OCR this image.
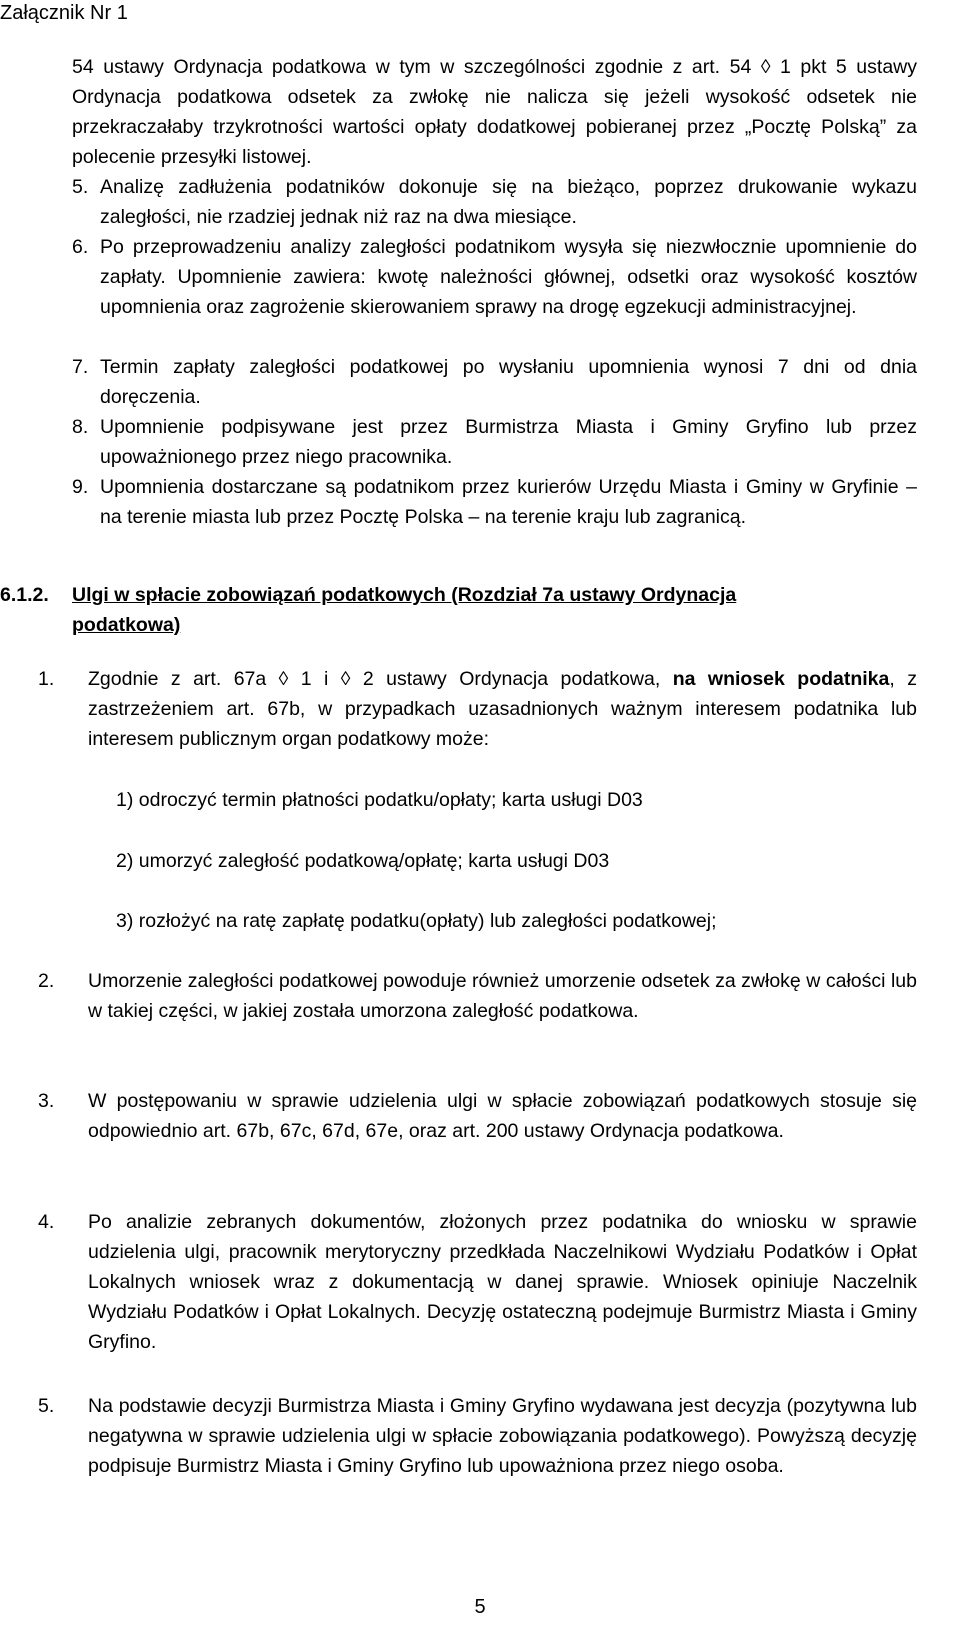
Załącznik Nr 1
54 ustawy Ordynacja podatkowa w tym w szczególności zgodnie z art. 54 ◊ 1 pkt 5 ustawy Ordynacja podatkowa odsetek za zwłokę nie nalicza się jeżeli wysokość odsetek nie przekraczałaby trzykrotności wartości opłaty dodatkowej pobieranej przez „Pocztę Polską” za polecenie przesyłki listowej.
5. Analizę zadłużenia podatników dokonuje się na bieżąco, poprzez drukowanie wykazu zaległości, nie rzadziej jednak niż raz na dwa miesiące.
6. Po przeprowadzeniu analizy zaległości podatnikom wysyła się niezwłocznie upomnienie do zapłaty. Upomnienie zawiera: kwotę należności głównej, odsetki oraz wysokość kosztów upomnienia oraz zagrożenie skierowaniem sprawy na drogę egzekucji administracyjnej.
7. Termin zapłaty zaległości podatkowej po wysłaniu upomnienia wynosi 7 dni od dnia doręczenia.
8. Upomnienie podpisywane jest przez Burmistrza Miasta i Gminy Gryfino lub przez upoważnionego przez niego pracownika.
9. Upomnienia dostarczane są podatnikom przez kurierów Urzędu Miasta i Gminy w Gryfinie – na terenie miasta lub przez Pocztę Polska – na terenie kraju lub zagranicą.
6.1.2.	Ulgi w spłacie zobowiązań podatkowych (Rozdział 7a ustawy Ordynacja
podatkowa)
1. Zgodnie z art. 67a ◊ 1 i ◊ 2 ustawy Ordynacja podatkowa, na wniosek podatnika, z zastrzeżeniem art. 67b, w przypadkach uzasadnionych ważnym interesem podatnika lub interesem publicznym organ podatkowy może:
1) odroczyć termin płatności podatku/opłaty; karta usługi D03
2) umorzyć zaległość podatkową/opłatę; karta usługi D03
3) rozłożyć na ratę zapłatę podatku(opłaty) lub zaległości podatkowej;
2. Umorzenie zaległości podatkowej powoduje również umorzenie odsetek za zwłokę w całości lub w takiej części, w jakiej została umorzona zaległość podatkowa.
3. W postępowaniu w sprawie udzielenia ulgi w spłacie zobowiązań podatkowych stosuje się odpowiednio art. 67b, 67c, 67d, 67e, oraz art. 200 ustawy Ordynacja podatkowa.
4. Po analizie zebranych dokumentów, złożonych przez podatnika do wniosku w sprawie udzielenia ulgi, pracownik merytoryczny przedkłada Naczelnikowi Wydziału Podatków i Opłat Lokalnych wniosek wraz z dokumentacją w danej sprawie. Wniosek opiniuje Naczelnik Wydziału Podatków i Opłat Lokalnych. Decyzję ostateczną podejmuje Burmistrz Miasta i Gminy Gryfino.
5. Na podstawie decyzji Burmistrza Miasta i Gminy Gryfino wydawana jest decyzja (pozytywna lub negatywna w sprawie udzielenia ulgi w spłacie zobowiązania podatkowego). Powyższą decyzję podpisuje Burmistrz Miasta i Gminy Gryfino lub upoważniona przez niego osoba.
5
